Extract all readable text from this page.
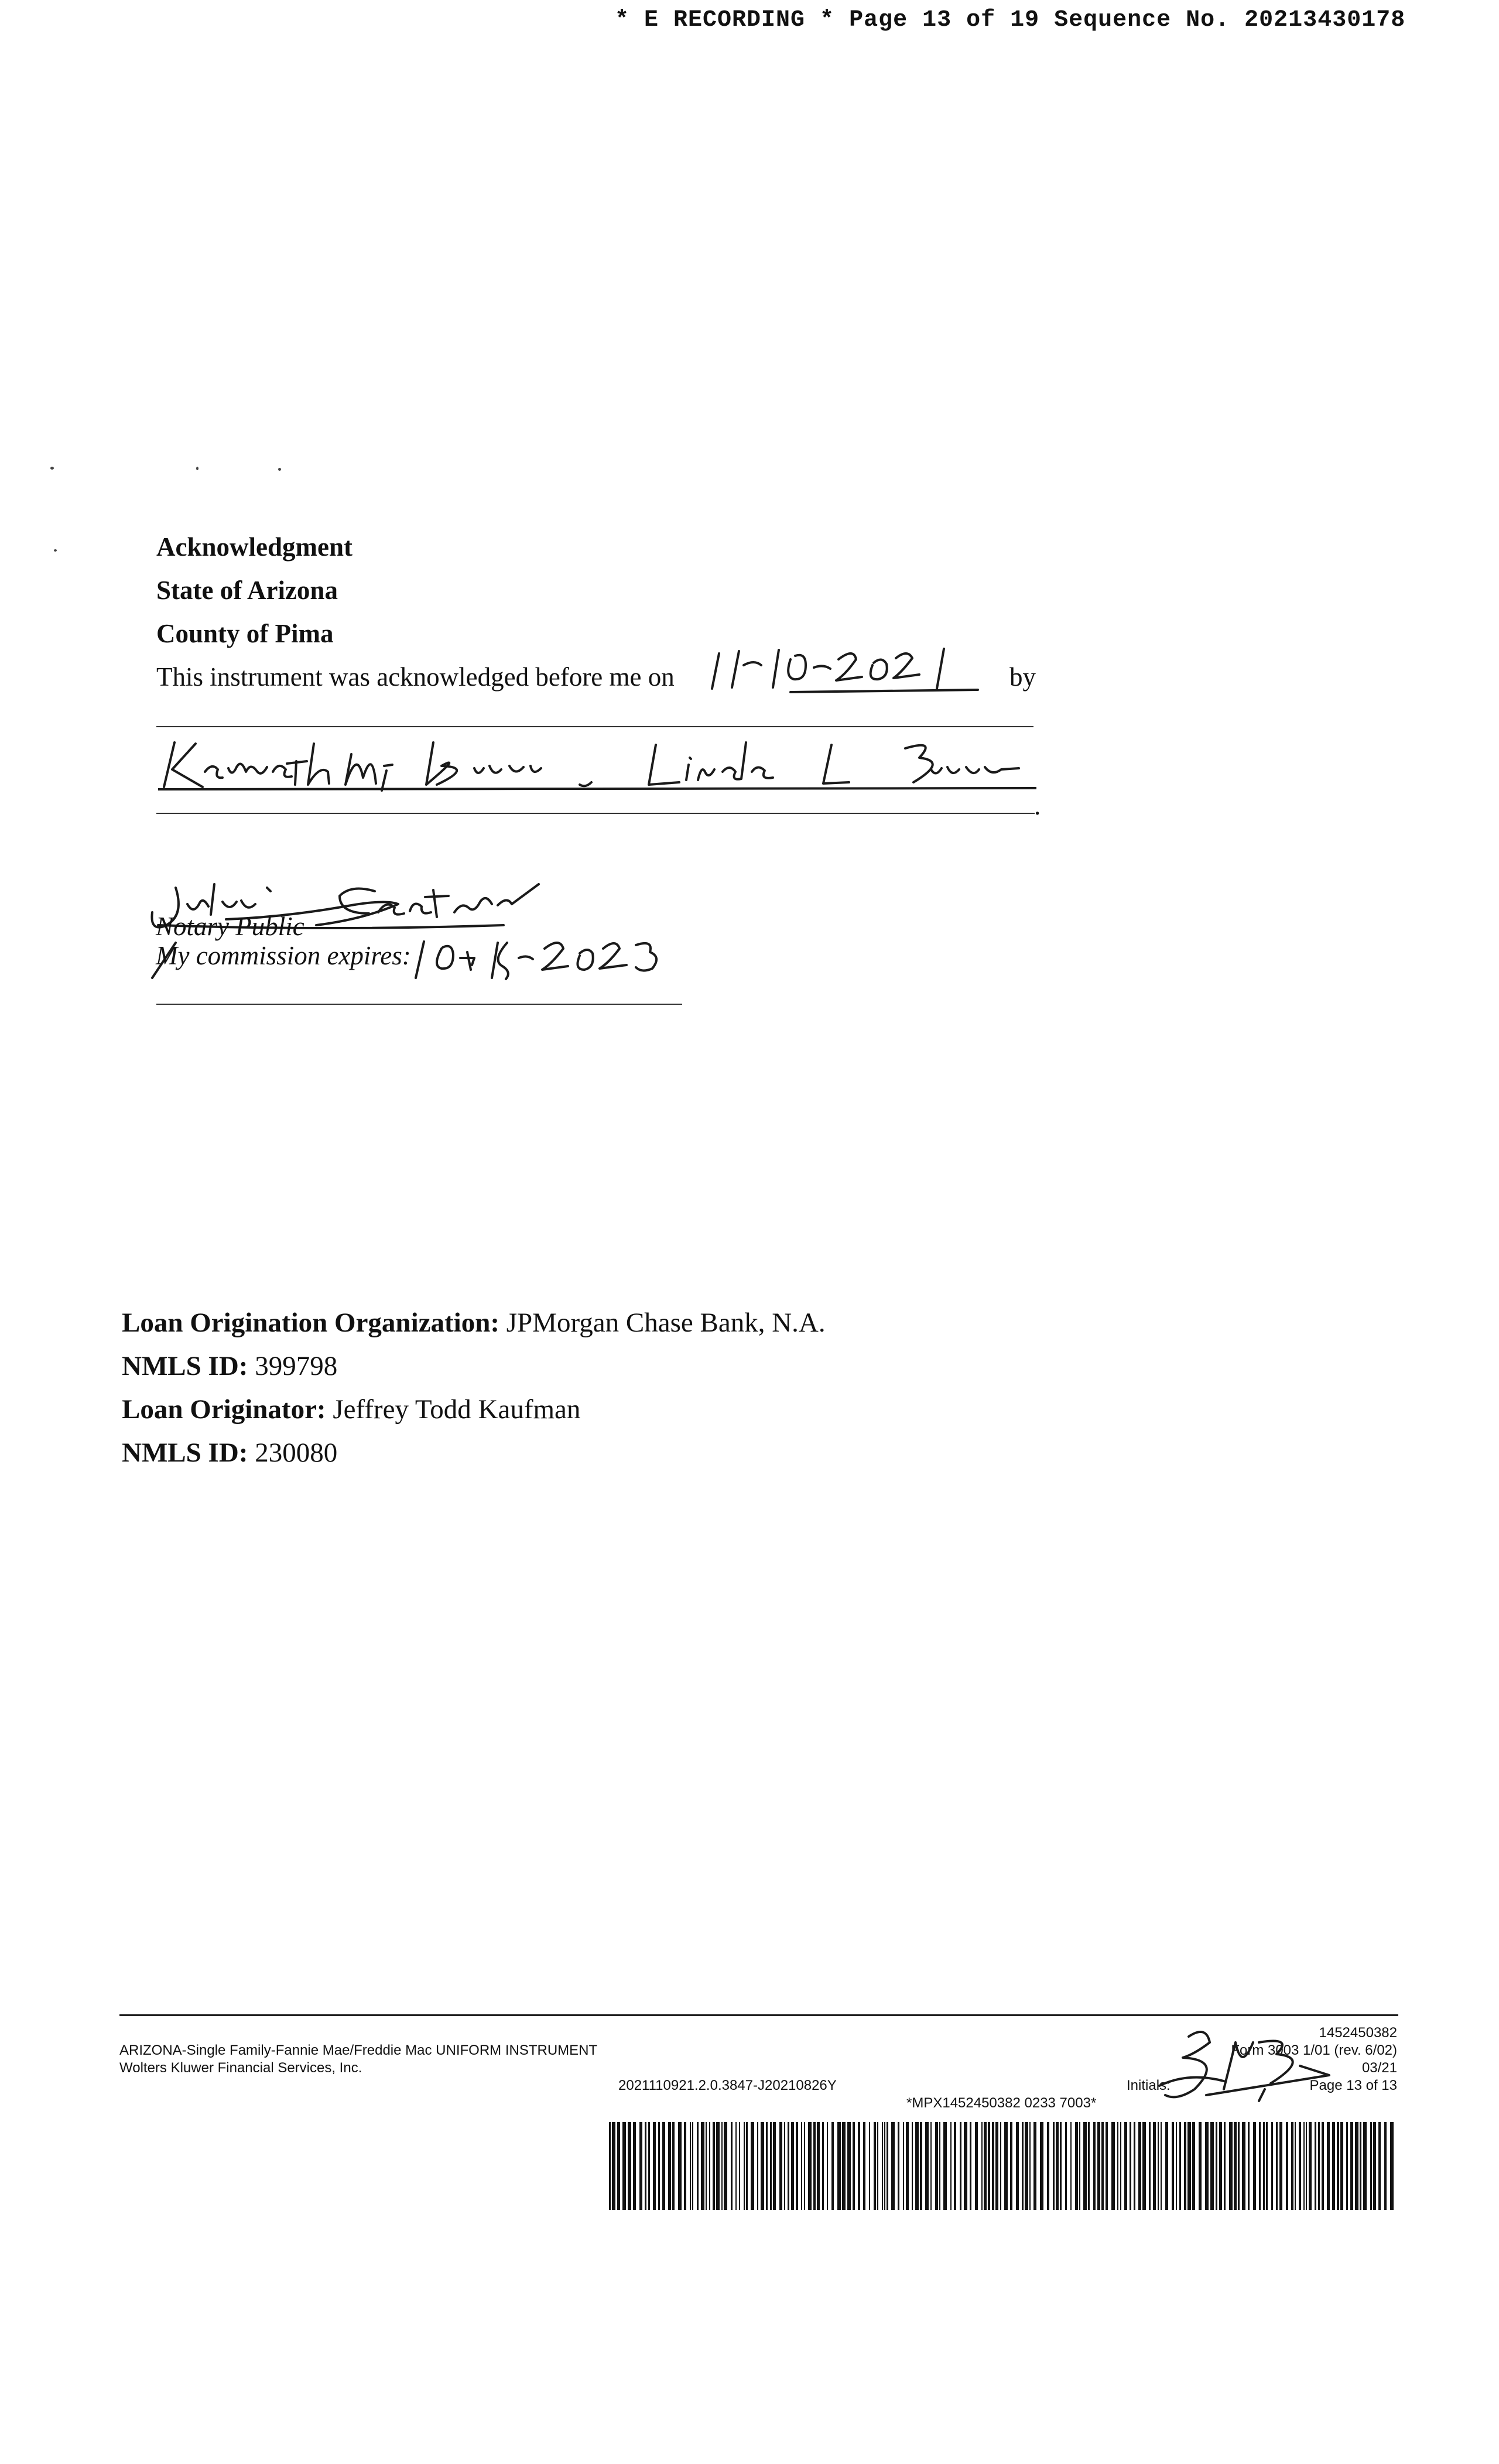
* E RECORDING * Page 13 of 19 Sequence No. 20213430178
Acknowledgment
State of Arizona
County of Pima
This instrument was acknowledged before me on	by
.
Notary Public
My commission expires:
Loan Origination Organization: JPMorgan Chase Bank, N.A.
NMLS ID: 399798
Loan Originator: Jeffrey Todd Kaufman
NMLS ID: 230080
ARIZONA-Single Family-Fannie Mae/Freddie Mac UNIFORM INSTRUMENT
Wolters Kluwer Financial Services, Inc.
2021110921.2.0.3847-J20210826Y
1452450382
Form 3003 1/01 (rev. 6/02)
03/21
Initials:	Page 13 of 13
*MPX1452450382 0233 7003*
